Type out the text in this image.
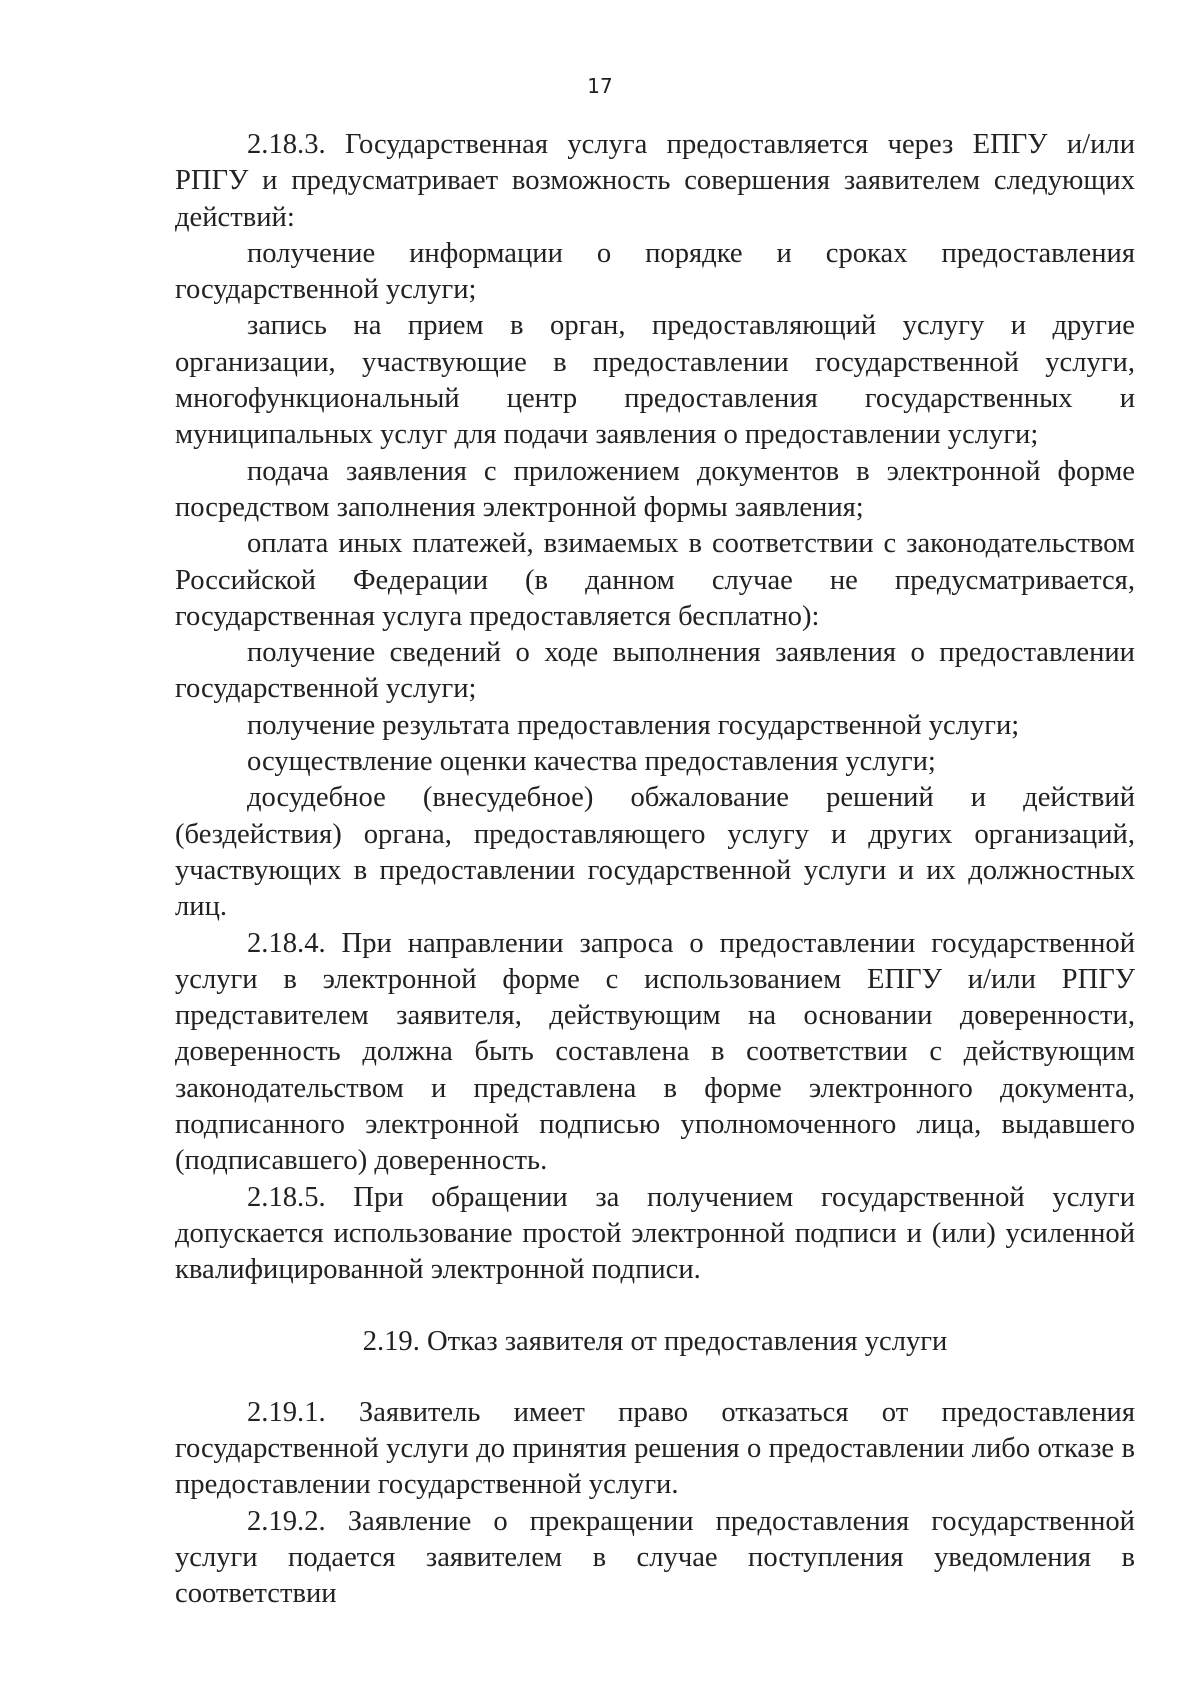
17

2.18.3. Государственная услуга предоставляется через ЕПГУ и/или РПГУ и предусматривает возможность совершения заявителем следующих действий:

получение информации о порядке и сроках предоставления государственной услуги;

запись на прием в орган, предоставляющий услугу и другие организации, участвующие в предоставлении государственной услуги, многофункциональный центр предоставления государственных и муниципальных услуг для подачи заявления о предоставлении услуги;

подача заявления с приложением документов в электронной форме посредством заполнения электронной формы заявления;

оплата иных платежей, взимаемых в соответствии с законодательством Российской Федерации (в данном случае не предусматривается, государственная услуга предоставляется бесплатно):

получение сведений о ходе выполнения заявления о предоставлении государственной услуги;

получение результата предоставления государственной услуги;

осуществление оценки качества предоставления услуги;

досудебное (внесудебное) обжалование решений и действий (бездействия) органа, предоставляющего услугу и других организаций, участвующих в предоставлении государственной услуги и их должностных лиц.

2.18.4. При направлении запроса о предоставлении государственной услуги в электронной форме с использованием ЕПГУ и/или РПГУ представителем заявителя, действующим на основании доверенности, доверенность должна быть составлена в соответствии с действующим законодательством и представлена в форме электронного документа, подписанного электронной подписью уполномоченного лица, выдавшего (подписавшего) доверенность.

2.18.5. При обращении за получением государственной услуги допускается использование простой электронной подписи и (или) усиленной квалифицированной электронной подписи.

2.19. Отказ заявителя от предоставления услуги

2.19.1. Заявитель имеет право отказаться от предоставления государственной услуги до принятия решения о предоставлении либо отказе в предоставлении государственной услуги.

2.19.2. Заявление о прекращении предоставления государственной услуги подается заявителем в случае поступления уведомления в соответствии
